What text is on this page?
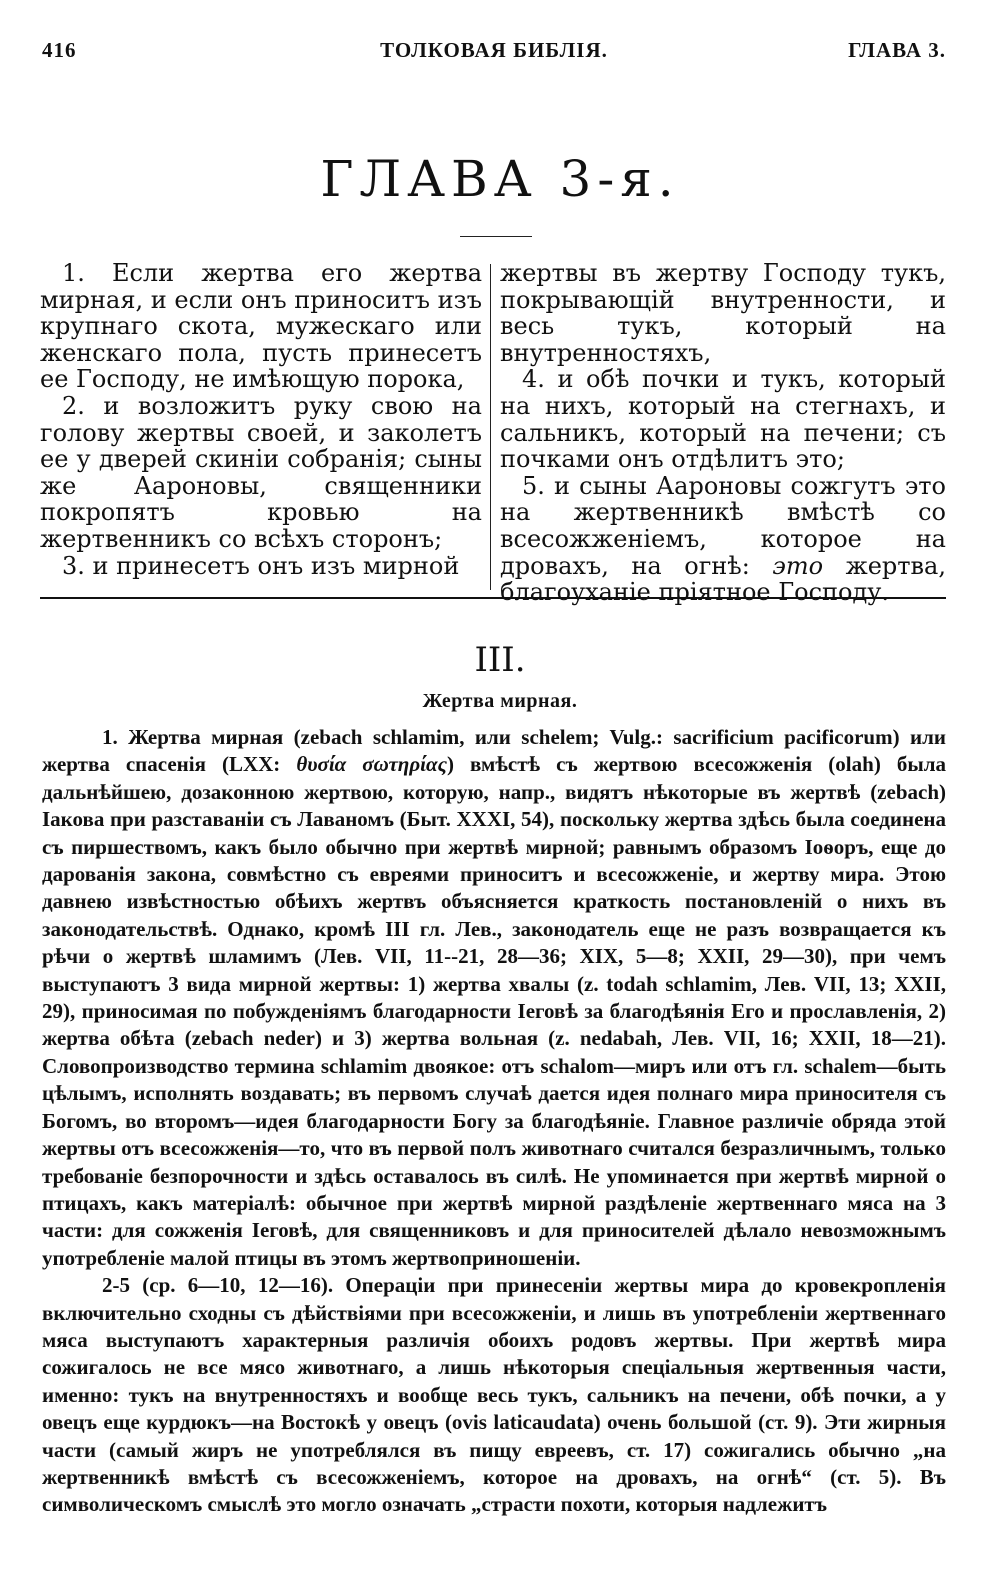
416	ТОЛКОВАЯ БИБЛІЯ.	ГЛАВА 3.
ГЛАВА 3-я.

1. Если жертва его жертва мирная, и если онъ приноситъ изъ крупнаго скота, мужескаго или женскаго пола, пусть принесетъ ее Господу, не имѣющую порока,

2. и возложитъ руку свою на голову жертвы своей, и заколетъ ее у дверей скиніи собранія; сыны же Аароновы, священники покропятъ кровью на жертвенникъ со всѣхъ сторонъ;

3. и принесетъ онъ изъ мирной

жертвы въ жертву Господу тукъ, покрывающій внутренности, и весь тукъ, который на внутренностяхъ,

4. и обѣ почки и тукъ, который на нихъ, который на стегнахъ, и сальникъ, который на печени; съ почками онъ отдѣлитъ это;

5. и сыны Аароновы сожгутъ это на жертвенникѣ вмѣстѣ со всесожженіемъ, которое на дровахъ, на огнѣ: это жертва, благоуханіе пріятное Господу.

III.
Жертва мирная.

1. Жертва мирная (zebach schlamim, или schelem; Vulg.: sacrificium pacificorum) или жертва спасенія (LXX: θυσία σωτηρίας) вмѣстѣ съ жертвою всесожженія (olah) была дальнѣйшею, дозаконною жертвою, которую, напр., видятъ нѣкоторые въ жертвѣ (zebach) Іакова при разставаніи съ Лаваномъ (Быт. XXXI, 54), поскольку жертва здѣсь была соединена съ пиршествомъ, какъ было обычно при жертвѣ мирной; равнымъ образомъ Іоѳоръ, еще до дарованія закона, совмѣстно съ евреями приноситъ и всесожженіе, и жертву мира. Этою давнею извѣстностью обѣихъ жертвъ объясняется краткость постановленій о нихъ въ законодательствѣ. Однако, кромѣ III гл. Лев., законодатель еще не разъ возвращается къ рѣчи о жертвѣ шламимъ (Лев. VII, 11--21, 28—36; XIX, 5—8; XXII, 29—30), при чемъ выступаютъ 3 вида мирной жертвы: 1) жертва хвалы (z. todah schlamim, Лев. VII, 13; XXII, 29), приносимая по побужденіямъ благодарности Іеговѣ за благодѣянія Его и прославленія, 2) жертва обѣта (zebach neder) и 3) жертва вольная (z. nedabah, Лев. VII, 16; XXII, 18—21). Словопроизводство термина schlamim двоякое: отъ schalom—миръ или отъ гл. schalem—быть цѣлымъ, исполнять воздавать; въ первомъ случаѣ дается идея полнаго мира приносителя съ Богомъ, во второмъ—идея благодарности Богу за благодѣяніе. Главное различіе обряда этой жертвы отъ всесожженія—то, что въ первой полъ животнаго считался безразличнымъ, только требованіе безпорочности и здѣсь оставалось въ силѣ. Не упоминается при жертвѣ мирной о птицахъ, какъ матеріалѣ: обычное при жертвѣ мирной раздѣленіе жертвеннаго мяса на 3 части: для сожженія Іеговѣ, для священниковъ и для приносителей дѣлало невозможнымъ употребленіе малой птицы въ этомъ жертвоприношеніи.

2-5 (ср. 6—10, 12—16). Операціи при принесеніи жертвы мира до кровекропленія включительно сходны съ дѣйствіями при всесожженіи, и лишь въ употребленіи жертвеннаго мяса выступаютъ характерныя различія обоихъ родовъ жертвы. При жертвѣ мира сожигалось не все мясо животнаго, а лишь нѣкоторыя спеціальныя жертвенныя части, именно: тукъ на внутренностяхъ и вообще весь тукъ, сальникъ на печени, обѣ почки, а у овецъ еще курдюкъ—на Востокѣ у овецъ (ovis laticaudata) очень большой (ст. 9). Эти жирныя части (самый жиръ не употреблялся въ пищу евреевъ, ст. 17) сожигались обычно „на жертвенникѣ вмѣстѣ съ всесожженіемъ, которое на дровахъ, на огнѣ“ (ст. 5). Въ символическомъ смыслѣ это могло означать „страсти похоти, которыя надлежитъ
